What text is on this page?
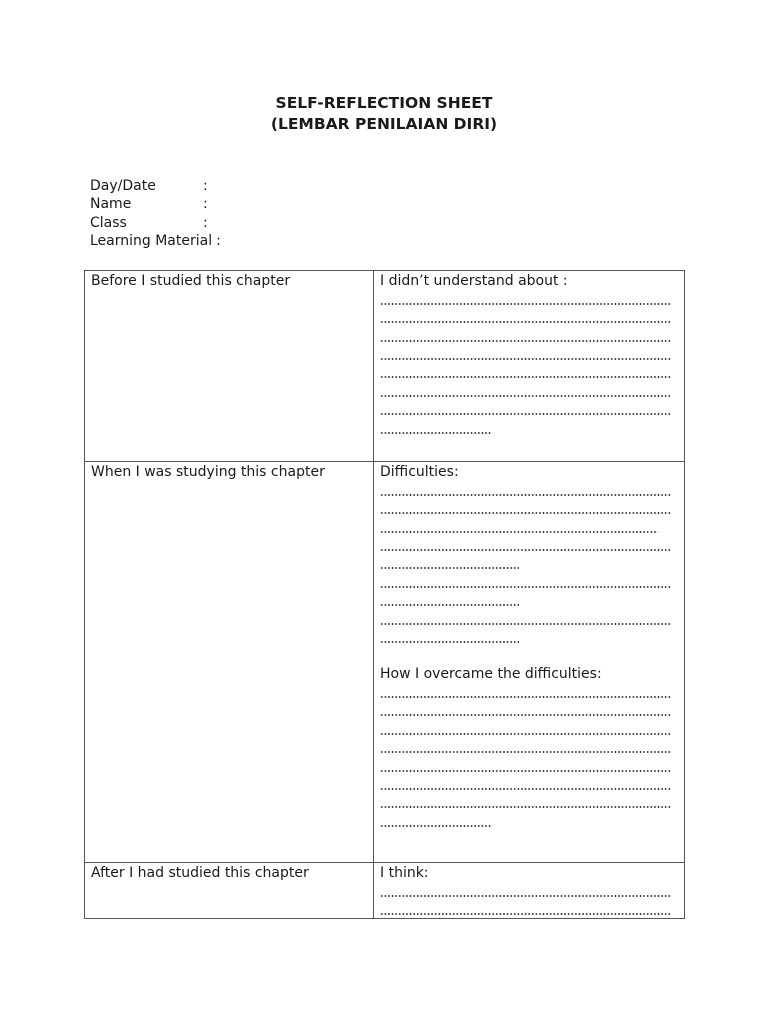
SELF-REFLECTION SHEET
(LEMBAR PENILAIAN DIRI)
Day/Date	:
Name	:
Class	:
Learning Material :
Before I studied this chapter	I didn’t understand about :
When I was studying this chapter	Difficulties:
How I overcame the difficulties:
After I had studied this chapter	I think:
